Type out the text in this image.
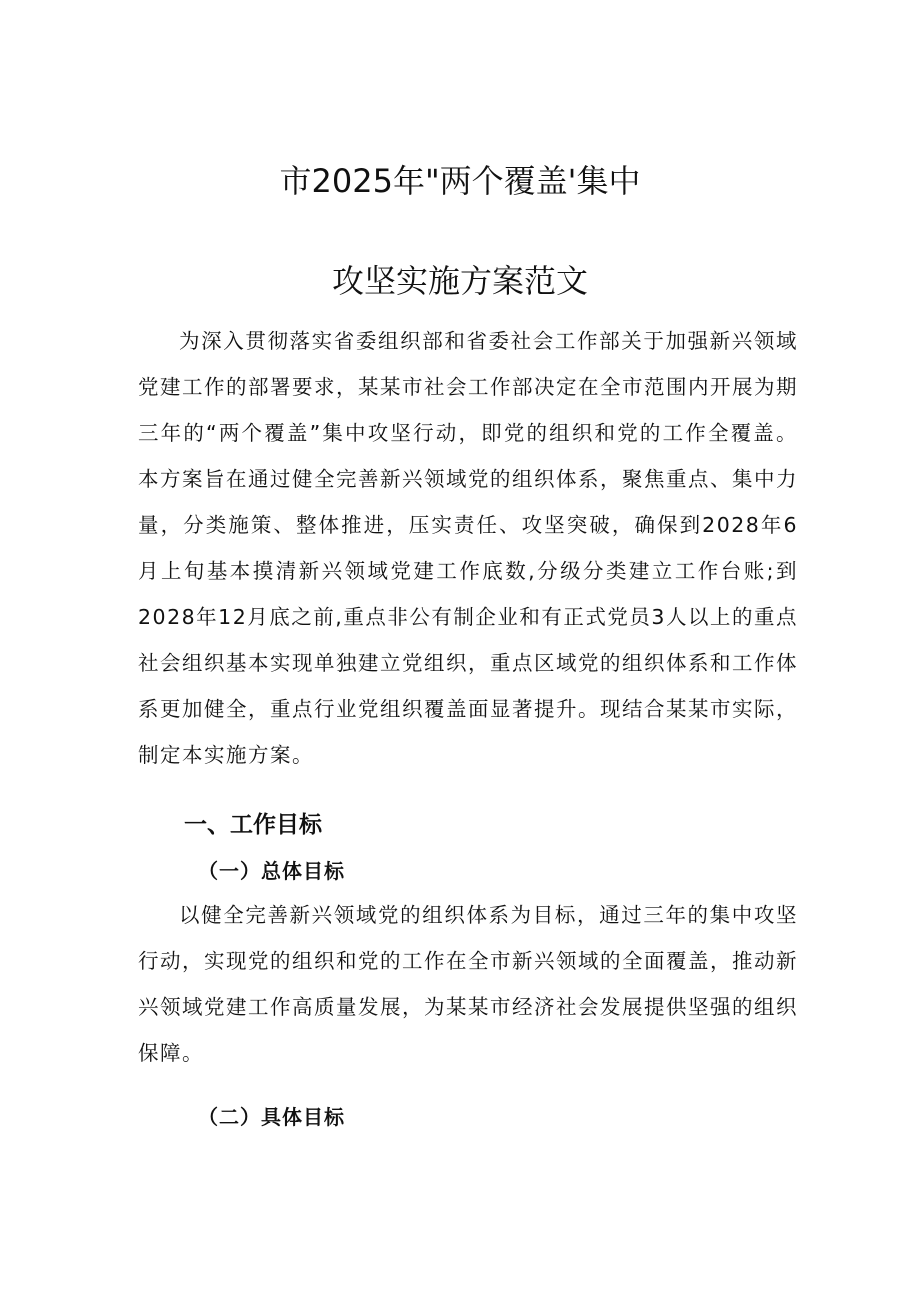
市2025年"两个覆盖'集中
攻坚实施方案范文

为深入贯彻落实省委组织部和省委社会工作部关于加强新兴领域党建工作的部署要求，某某市社会工作部决定在全市范围内开展为期三年的“两个覆盖”集中攻坚行动，即党的组织和党的工作全覆盖。本方案旨在通过健全完善新兴领域党的组织体系，聚焦重点、集中力量，分类施策、整体推进，压实责任、攻坚突破，确保到2028年6月上旬基本摸清新兴领域党建工作底数,分级分类建立工作台账;到2028年12月底之前,重点非公有制企业和有正式党员3人以上的重点社会组织基本实现单独建立党组织，重点区域党的组织体系和工作体系更加健全，重点行业党组织覆盖面显著提升。现结合某某市实际，制定本实施方案。

一、工作目标
（一）总体目标

以健全完善新兴领域党的组织体系为目标，通过三年的集中攻坚行动，实现党的组织和党的工作在全市新兴领域的全面覆盖，推动新兴领域党建工作高质量发展，为某某市经济社会发展提供坚强的组织保障。

（二）具体目标
